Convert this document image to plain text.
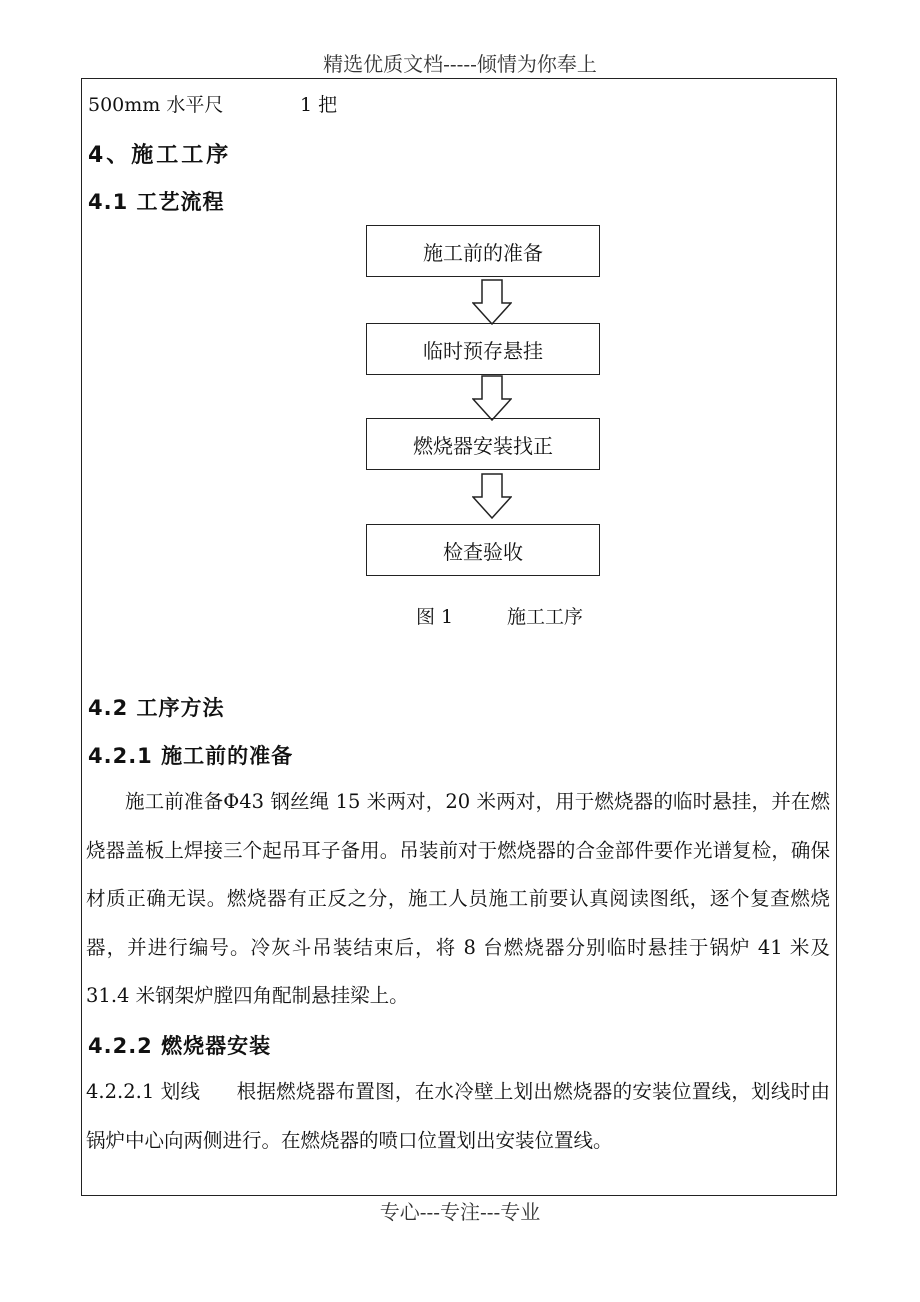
精选优质文档-----倾情为你奉上
500mm 水平尺	1 把
4、施工工序
4.1 工艺流程
施工前的准备
临时预存悬挂
燃烧器安装找正
检查验收
图 1	施工工序
4.2 工序方法
4.2.1 施工前的准备

施工前准备Φ43 钢丝绳 15 米两对，20 米两对，用于燃烧器的临时悬挂，并在燃烧器盖板上焊接三个起吊耳子备用。吊装前对于燃烧器的合金部件要作光谱复检，确保材质正确无误。燃烧器有正反之分，施工人员施工前要认真阅读图纸，逐个复查燃烧器，并进行编号。冷灰斗吊装结束后，将 8 台燃烧器分别临时悬挂于锅炉 41 米及 31.4 米钢架炉膛四角配制悬挂梁上。

4.2.2 燃烧器安装

4.2.2.1 划线 根据燃烧器布置图，在水冷壁上划出燃烧器的安装位置线，划线时由锅炉中心向两侧进行。在燃烧器的喷口位置划出安装位置线。

专心---专注---专业
